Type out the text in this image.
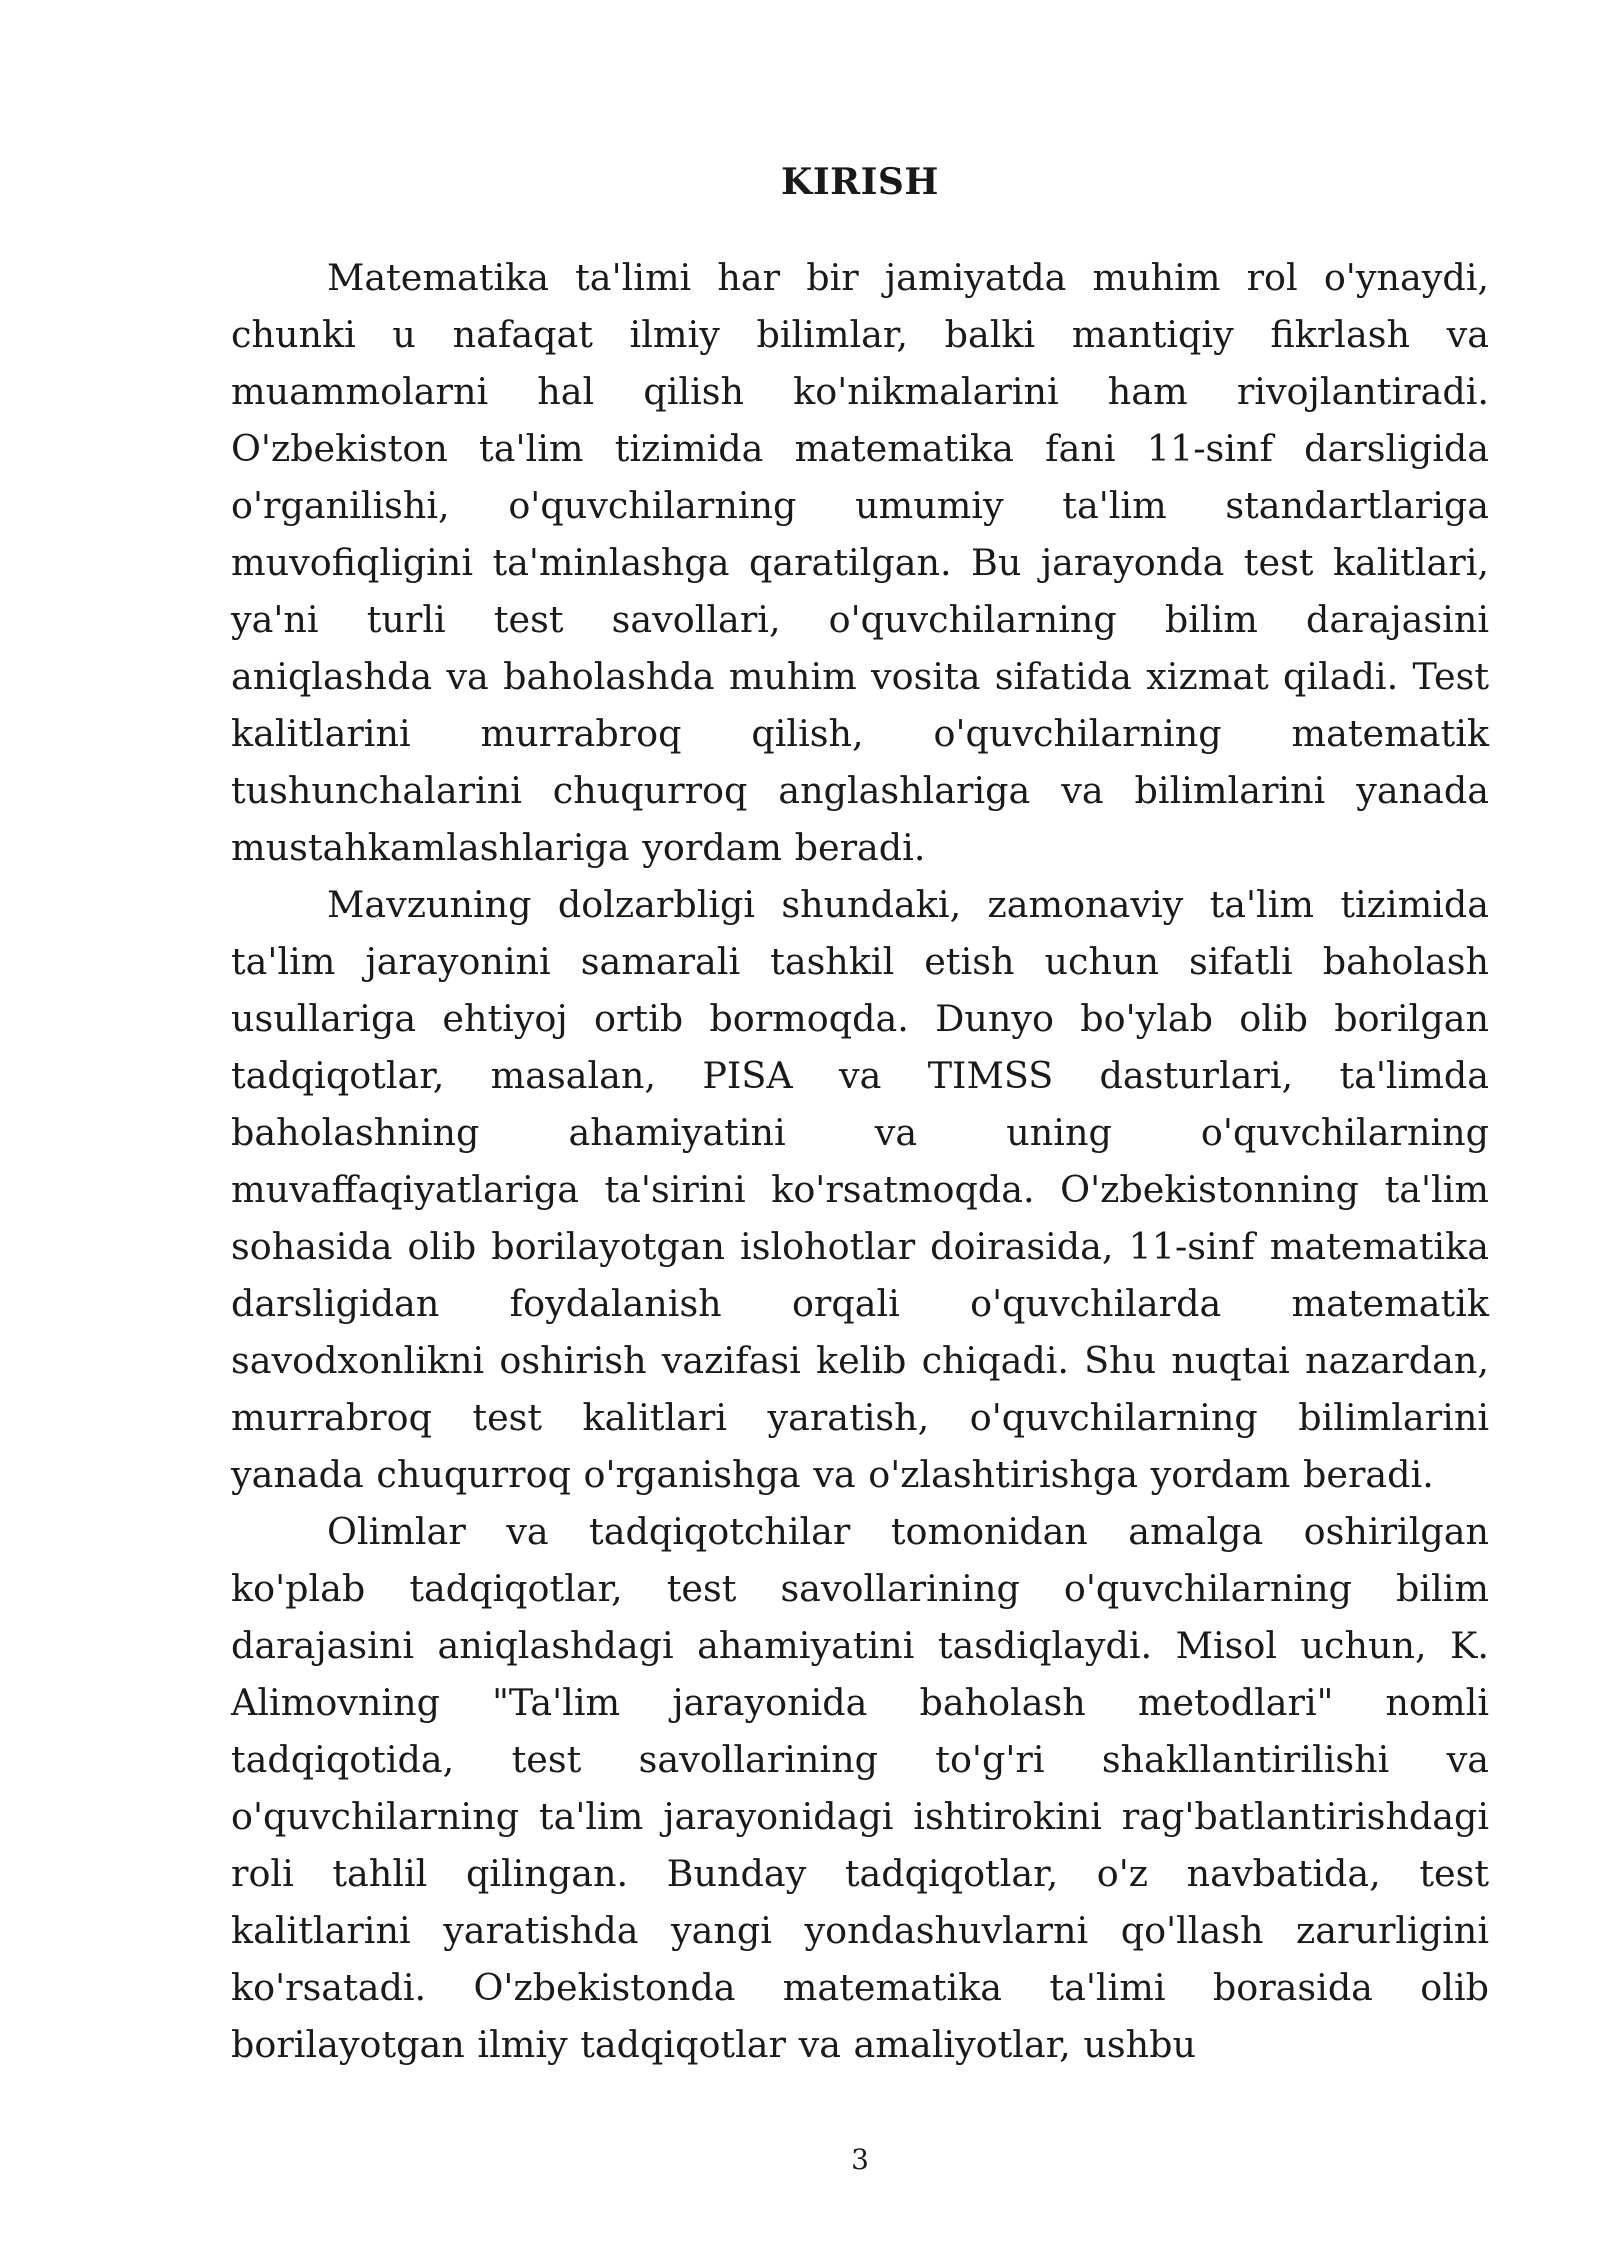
KIRISH

Matematika ta'limi har bir jamiyatda muhim rol o'ynaydi, chunki u nafaqat ilmiy bilimlar, balki mantiqiy fikrlash va muammolarni hal qilish ko'nikmalarini ham rivojlantiradi. O'zbekiston ta'lim tizimida matematika fani 11-sinf darsligida o'rganilishi, o'quvchilarning umumiy ta'lim standartlariga muvofiqligini ta'minlashga qaratilgan. Bu jarayonda test kalitlari, ya'ni turli test savollari, o'quvchilarning bilim darajasini aniqlashda va baholashda muhim vosita sifatida xizmat qiladi. Test kalitlarini murrabroq qilish, o'quvchilarning matematik tushunchalarini chuqurroq anglashlariga va bilimlarini yanada mustahkamlashlariga yordam beradi.

Mavzuning dolzarbligi shundaki, zamonaviy ta'lim tizimida ta'lim jarayonini samarali tashkil etish uchun sifatli baholash usullariga ehtiyoj ortib bormoqda. Dunyo bo'ylab olib borilgan tadqiqotlar, masalan, PISA va TIMSS dasturlari, ta'limda baholashning ahamiyatini va uning o'quvchilarning muvaffaqiyatlariga ta'sirini ko'rsatmoqda. O'zbekistonning ta'lim sohasida olib borilayotgan islohotlar doirasida, 11-sinf matematika darsligidan foydalanish orqali o'quvchilarda matematik savodxonlikni oshirish vazifasi kelib chiqadi. Shu nuqtai nazardan, murrabroq test kalitlari yaratish, o'quvchilarning bilimlarini yanada chuqurroq o'rganishga va o'zlashtirishga yordam beradi.

Olimlar va tadqiqotchilar tomonidan amalga oshirilgan ko'plab tadqiqotlar, test savollarining o'quvchilarning bilim darajasini aniqlashdagi ahamiyatini tasdiqlaydi. Misol uchun, K. Alimovning "Ta'lim jarayonida baholash metodlari" nomli tadqiqotida, test savollarining to'g'ri shakllantirilishi va o'quvchilarning ta'lim jarayonidagi ishtirokini rag'batlantirishdagi roli tahlil qilingan. Bunday tadqiqotlar, o'z navbatida, test kalitlarini yaratishda yangi yondashuvlarni qo'llash zarurligini ko'rsatadi. O'zbekistonda matematika ta'limi borasida olib borilayotgan ilmiy tadqiqotlar va amaliyotlar, ushbu

3
